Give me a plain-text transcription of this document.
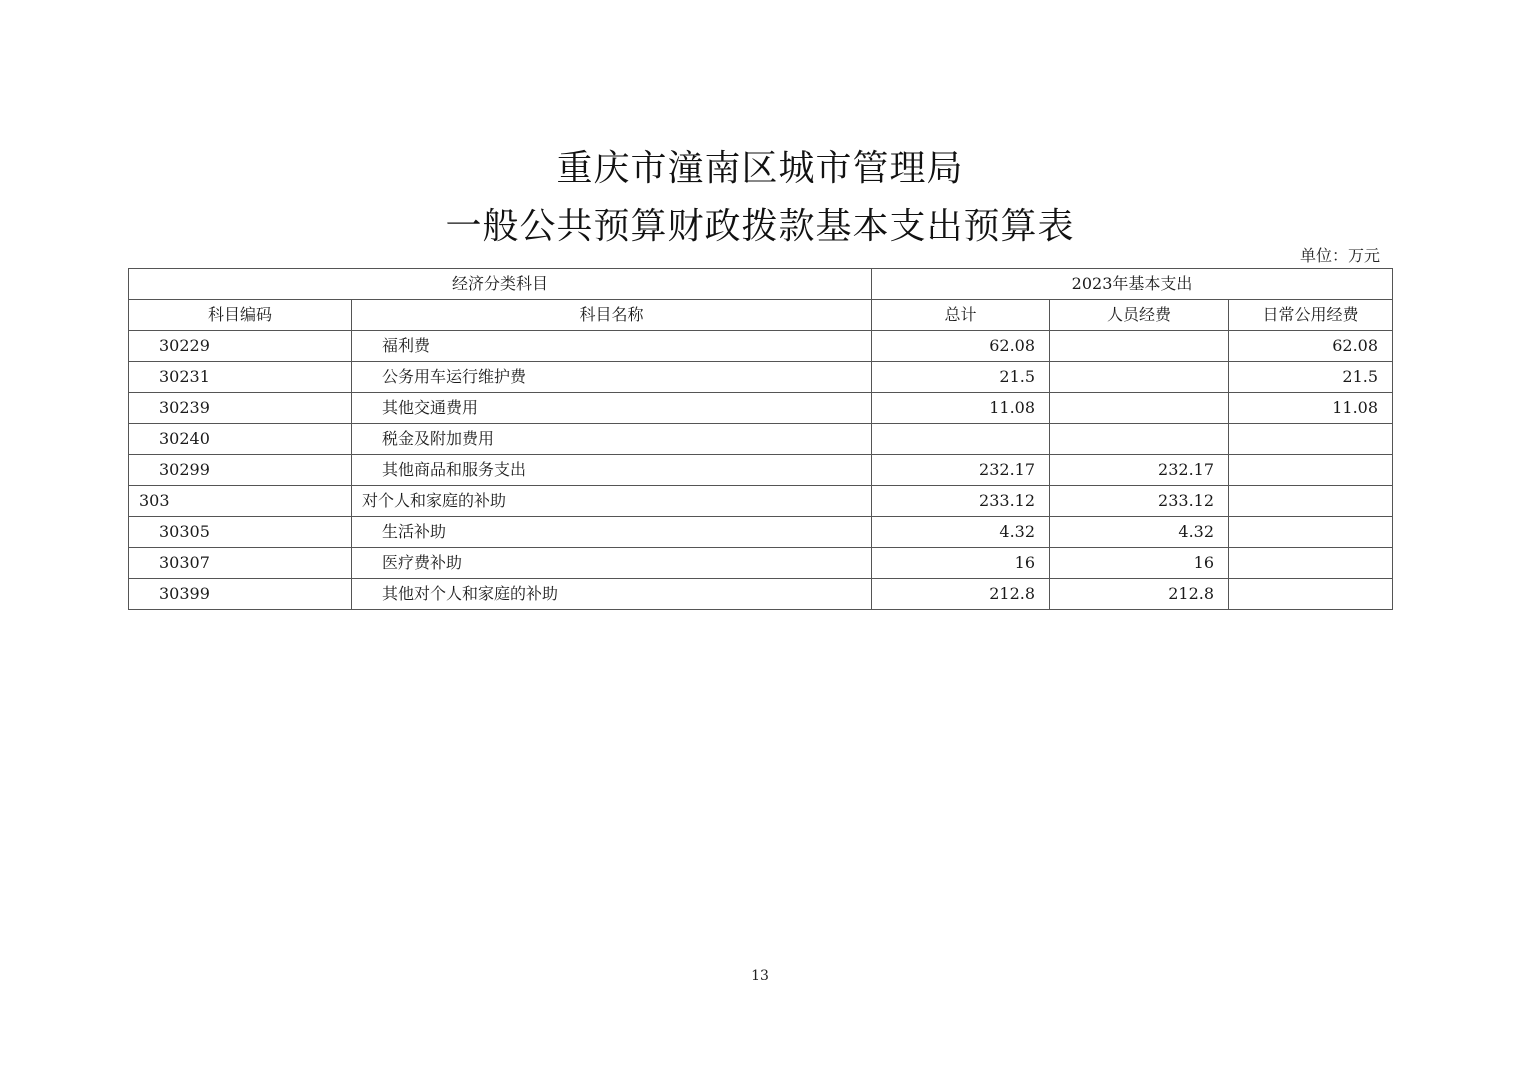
重庆市潼南区城市管理局
一般公共预算财政拨款基本支出预算表
单位：万元
经济分类科目		2023年基本支出		
科目编码	科目名称	总计	人员经费	日常公用经费
30229	福利费	62.08		62.08
30231	公务用车运行维护费	21.5		21.5
30239	其他交通费用	11.08		11.08
30240	税金及附加费用			
30299	其他商品和服务支出	232.17	232.17	
303	对个人和家庭的补助	233.12	233.12	
30305	生活补助	4.32	4.32	
30307	医疗费补助	16	16	
30399	其他对个人和家庭的补助	212.8	212.8	
13
